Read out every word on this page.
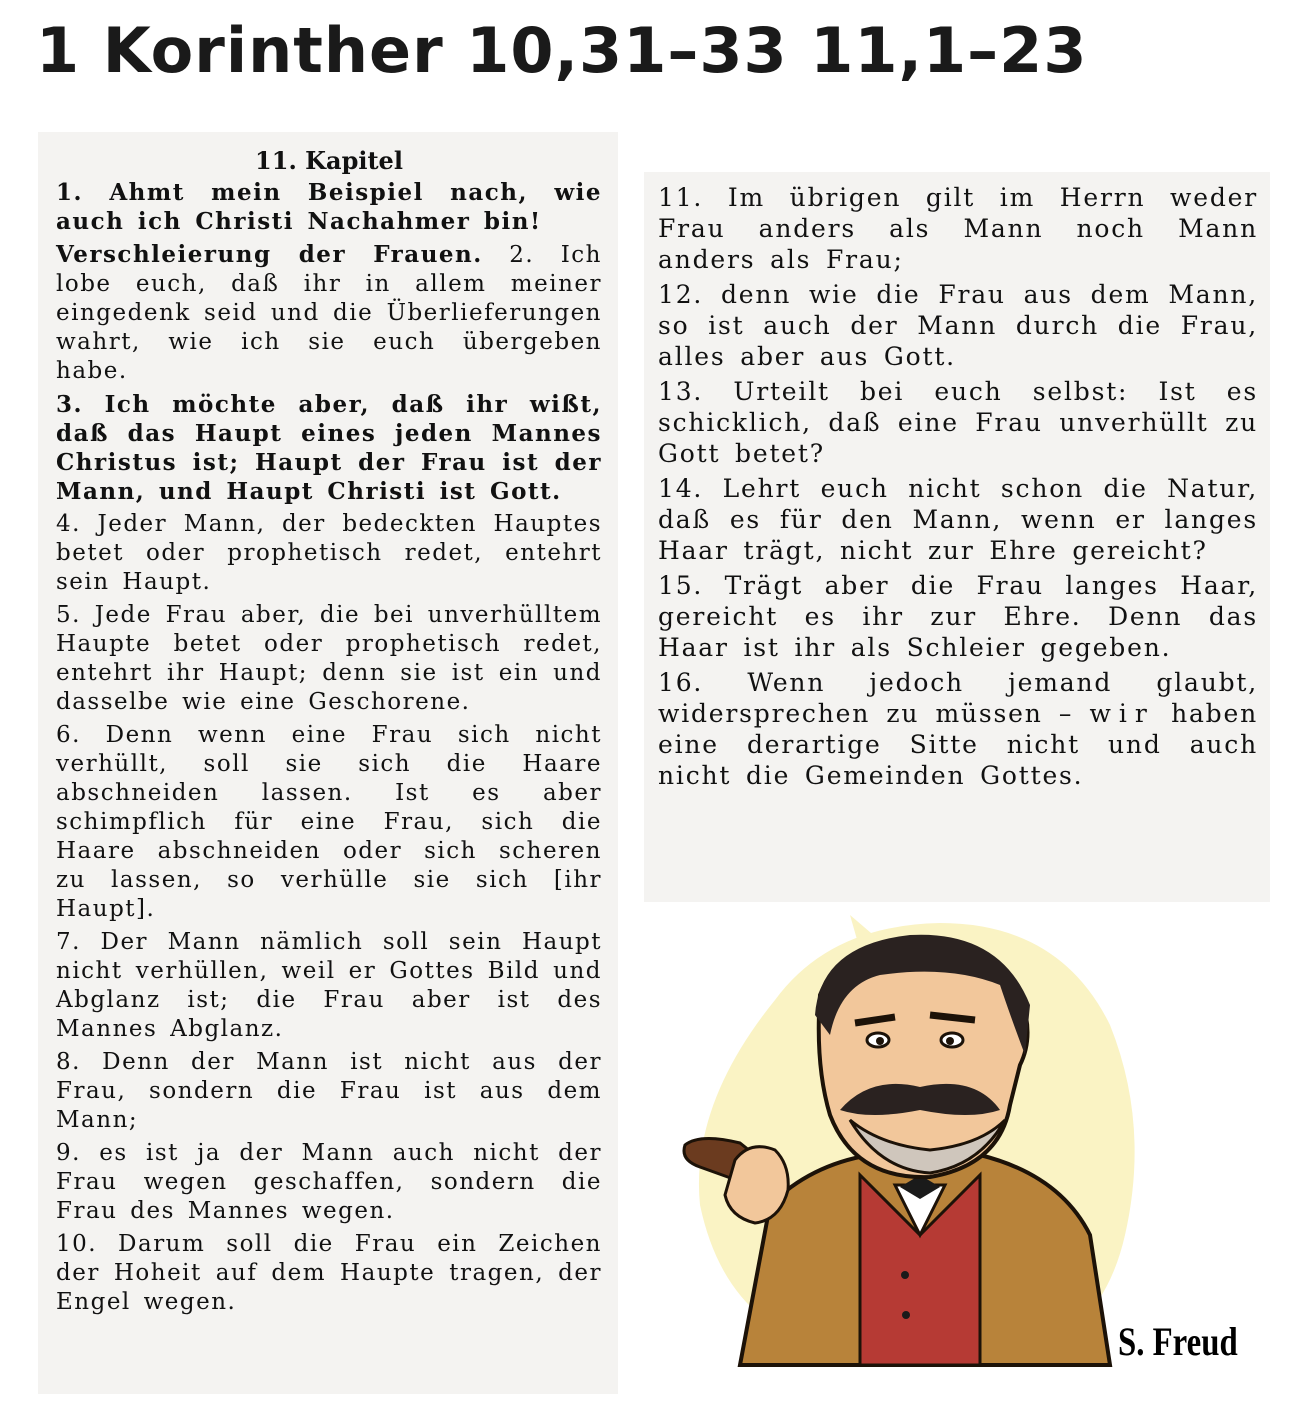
1 Korinther 10,31–33 11,1–23

11. Kapitel

1. Ahmt mein Beispiel nach, wie auch ich Christi Nachahmer bin!

Verschleierung der Frauen. 2. Ich lobe euch, daß ihr in allem meiner eingedenk seid und die Überlieferungen wahrt, wie ich sie euch übergeben habe.

3. Ich möchte aber, daß ihr wißt, daß das Haupt eines jeden Mannes Christus ist; Haupt der Frau ist der Mann, und Haupt Christi ist Gott.

4. Jeder Mann, der bedeckten Hauptes betet oder prophetisch redet, entehrt sein Haupt.

5. Jede Frau aber, die bei unverhülltem Haupte betet oder prophetisch redet, entehrt ihr Haupt; denn sie ist ein und dasselbe wie eine Geschorene.

6. Denn wenn eine Frau sich nicht verhüllt, soll sie sich die Haare abschneiden lassen. Ist es aber schimpflich für eine Frau, sich die Haare abschneiden oder sich scheren zu lassen, so verhülle sie sich [ihr Haupt].

7. Der Mann nämlich soll sein Haupt nicht verhüllen, weil er Gottes Bild und Abglanz ist; die Frau aber ist des Mannes Abglanz.

8. Denn der Mann ist nicht aus der Frau, sondern die Frau ist aus dem Mann;

9. es ist ja der Mann auch nicht der Frau wegen geschaffen, sondern die Frau des Mannes wegen.

10. Darum soll die Frau ein Zeichen der Hoheit auf dem Haupte tragen, der Engel wegen.

11. Im übrigen gilt im Herrn weder Frau anders als Mann noch Mann anders als Frau;

12. denn wie die Frau aus dem Mann, so ist auch der Mann durch die Frau, alles aber aus Gott.

13. Urteilt bei euch selbst: Ist es schicklich, daß eine Frau unverhüllt zu Gott betet?

14. Lehrt euch nicht schon die Natur, daß es für den Mann, wenn er langes Haar trägt, nicht zur Ehre gereicht?

15. Trägt aber die Frau langes Haar, gereicht es ihr zur Ehre. Denn das Haar ist ihr als Schleier gegeben.

16. Wenn jedoch jemand glaubt, widersprechen zu müssen – wir haben eine derartige Sitte nicht und auch nicht die Gemeinden Gottes.

S. Freud
